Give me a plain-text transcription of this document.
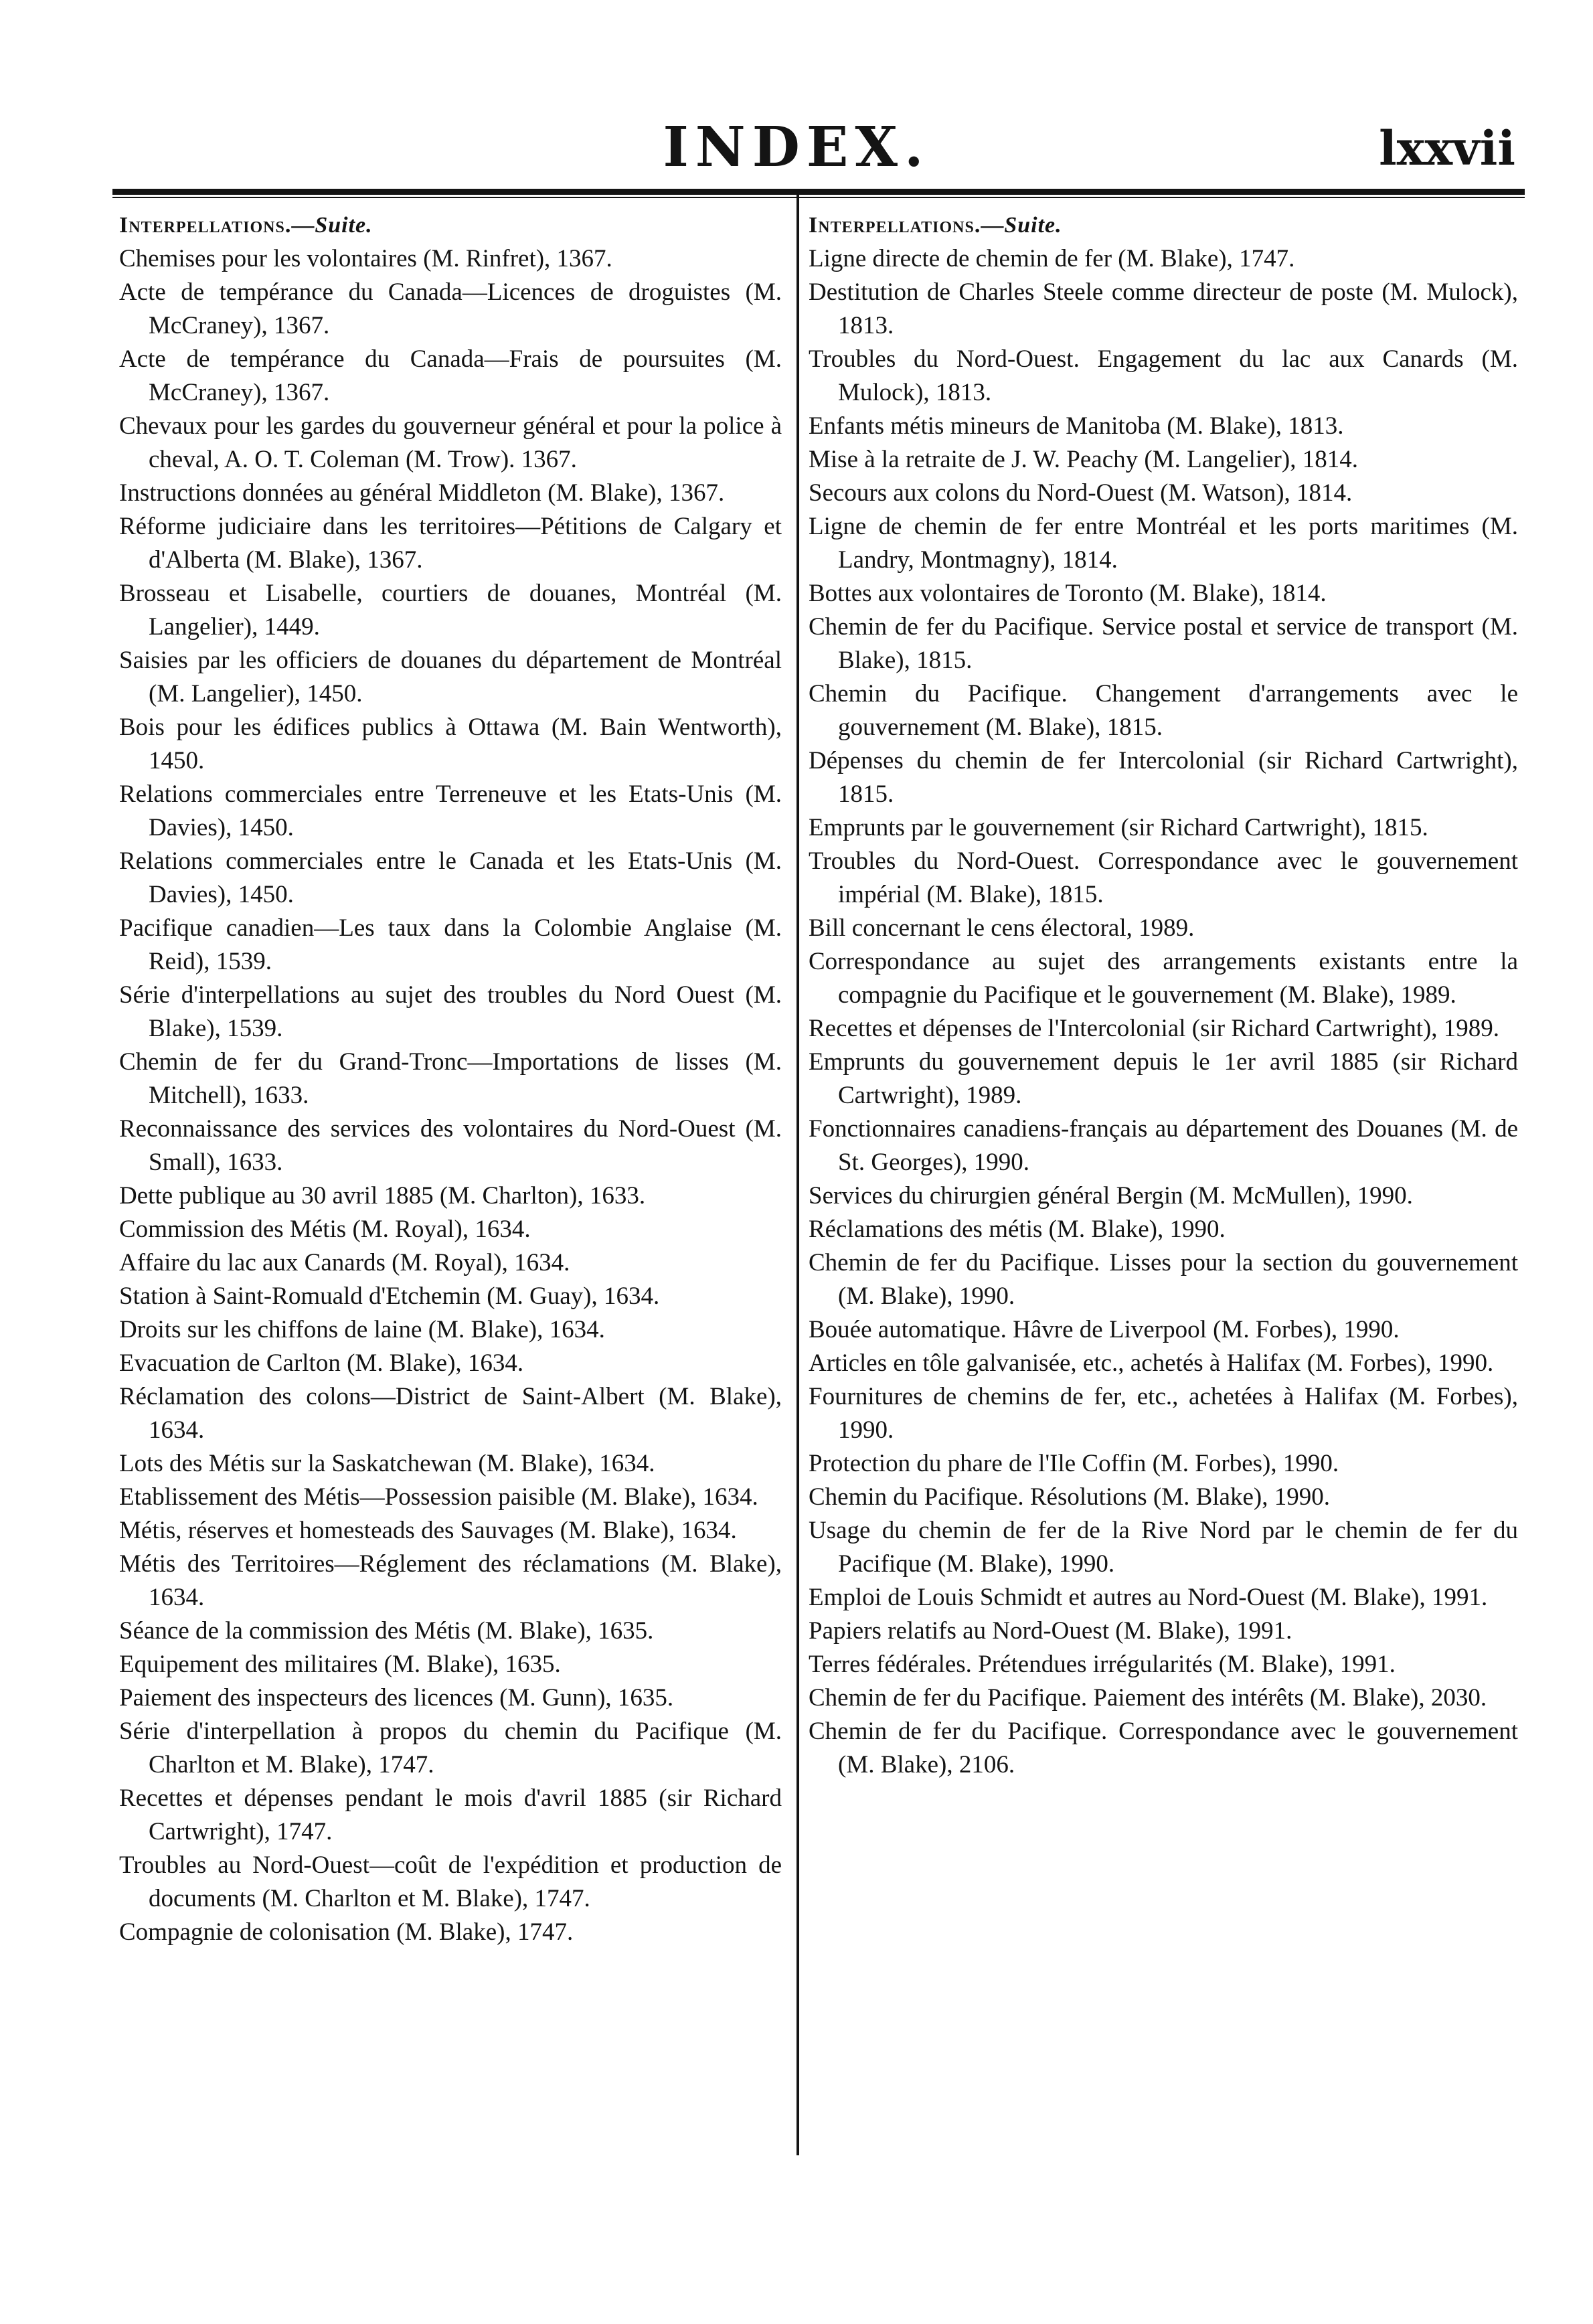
INDEX.	lxxvii
Interpellations.—Suite.
Chemises pour les volontaires (M. Rinfret), 1367.
Acte de tempérance du Canada—Licences de droguistes (M. McCraney), 1367.
Acte de tempérance du Canada—Frais de poursuites (M. McCraney), 1367.
Chevaux pour les gardes du gouverneur général et pour la police à cheval, A. O. T. Coleman (M. Trow). 1367.
Instructions données au général Middleton (M. Blake), 1367.
Réforme judiciaire dans les territoires—Pétitions de Calgary et d'Alberta (M. Blake), 1367.
Brosseau et Lisabelle, courtiers de douanes, Montréal (M. Langelier), 1449.
Saisies par les officiers de douanes du département de Montréal (M. Langelier), 1450.
Bois pour les édifices publics à Ottawa (M. Bain Wentworth), 1450.
Relations commerciales entre Terreneuve et les Etats-Unis (M. Davies), 1450.
Relations commerciales entre le Canada et les Etats-Unis (M. Davies), 1450.
Pacifique canadien—Les taux dans la Colombie Anglaise (M. Reid), 1539.
Série d'interpellations au sujet des troubles du Nord Ouest (M. Blake), 1539.
Chemin de fer du Grand-Tronc—Importations de lisses (M. Mitchell), 1633.
Reconnaissance des services des volontaires du Nord-Ouest (M. Small), 1633.
Dette publique au 30 avril 1885 (M. Charlton), 1633.
Commission des Métis (M. Royal), 1634.
Affaire du lac aux Canards (M. Royal), 1634.
Station à Saint-Romuald d'Etchemin (M. Guay), 1634.
Droits sur les chiffons de laine (M. Blake), 1634.
Evacuation de Carlton (M. Blake), 1634.
Réclamation des colons—District de Saint-Albert (M. Blake), 1634.
Lots des Métis sur la Saskatchewan (M. Blake), 1634.
Etablissement des Métis—Possession paisible (M. Blake), 1634.
Métis, réserves et homesteads des Sauvages (M. Blake), 1634.
Métis des Territoires—Réglement des réclamations (M. Blake), 1634.
Séance de la commission des Métis (M. Blake), 1635.
Equipement des militaires (M. Blake), 1635.
Paiement des inspecteurs des licences (M. Gunn), 1635.
Série d'interpellation à propos du chemin du Pacifique (M. Charlton et M. Blake), 1747.
Recettes et dépenses pendant le mois d'avril 1885 (sir Richard Cartwright), 1747.
Troubles au Nord-Ouest—coût de l'expédition et production de documents (M. Charlton et M. Blake), 1747.
Compagnie de colonisation (M. Blake), 1747.
Interpellations.—Suite.
Ligne directe de chemin de fer (M. Blake), 1747.
Destitution de Charles Steele comme directeur de poste (M. Mulock), 1813.
Troubles du Nord-Ouest. Engagement du lac aux Canards (M. Mulock), 1813.
Enfants métis mineurs de Manitoba (M. Blake), 1813.
Mise à la retraite de J. W. Peachy (M. Langelier), 1814.
Secours aux colons du Nord-Ouest (M. Watson), 1814.
Ligne de chemin de fer entre Montréal et les ports maritimes (M. Landry, Montmagny), 1814.
Bottes aux volontaires de Toronto (M. Blake), 1814.
Chemin de fer du Pacifique. Service postal et service de transport (M. Blake), 1815.
Chemin du Pacifique. Changement d'arrangements avec le gouvernement (M. Blake), 1815.
Dépenses du chemin de fer Intercolonial (sir Richard Cartwright), 1815.
Emprunts par le gouvernement (sir Richard Cartwright), 1815.
Troubles du Nord-Ouest. Correspondance avec le gouvernement impérial (M. Blake), 1815.
Bill concernant le cens électoral, 1989.
Correspondance au sujet des arrangements existants entre la compagnie du Pacifique et le gouvernement (M. Blake), 1989.
Recettes et dépenses de l'Intercolonial (sir Richard Cartwright), 1989.
Emprunts du gouvernement depuis le 1er avril 1885 (sir Richard Cartwright), 1989.
Fonctionnaires canadiens-français au département des Douanes (M. de St. Georges), 1990.
Services du chirurgien général Bergin (M. McMullen), 1990.
Réclamations des métis (M. Blake), 1990.
Chemin de fer du Pacifique. Lisses pour la section du gouvernement (M. Blake), 1990.
Bouée automatique. Hâvre de Liverpool (M. Forbes), 1990.
Articles en tôle galvanisée, etc., achetés à Halifax (M. Forbes), 1990.
Fournitures de chemins de fer, etc., achetées à Halifax (M. Forbes), 1990.
Protection du phare de l'Ile Coffin (M. Forbes), 1990.
Chemin du Pacifique. Résolutions (M. Blake), 1990.
Usage du chemin de fer de la Rive Nord par le chemin de fer du Pacifique (M. Blake), 1990.
Emploi de Louis Schmidt et autres au Nord-Ouest (M. Blake), 1991.
Papiers relatifs au Nord-Ouest (M. Blake), 1991.
Terres fédérales. Prétendues irrégularités (M. Blake), 1991.
Chemin de fer du Pacifique. Paiement des intérêts (M. Blake), 2030.
Chemin de fer du Pacifique. Correspondance avec le gouvernement (M. Blake), 2106.
